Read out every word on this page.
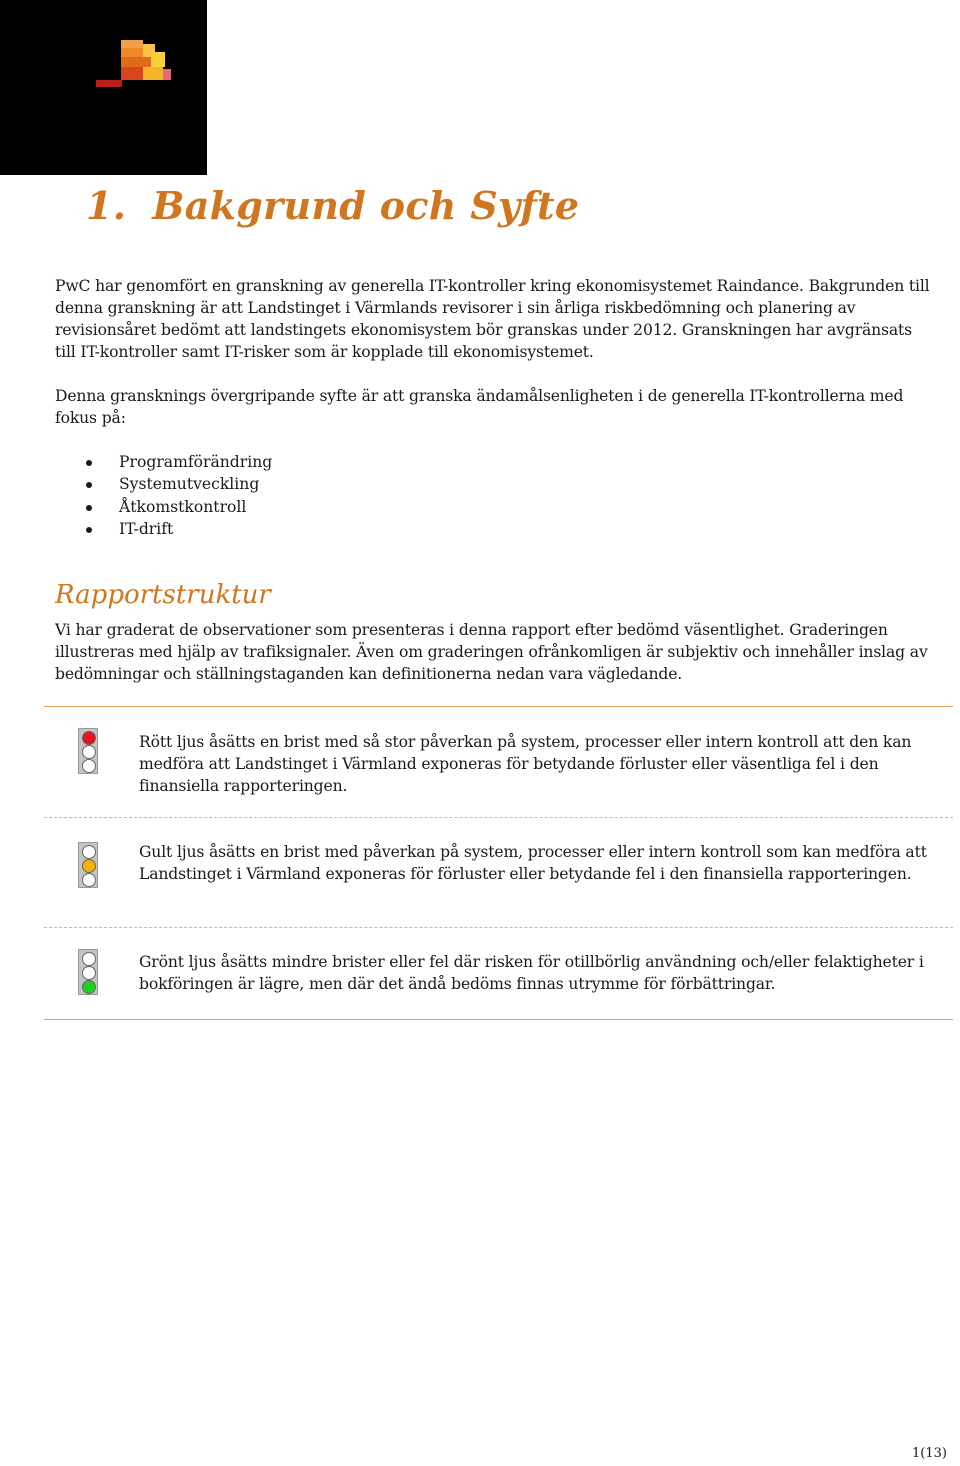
1. Bakgrund och Syfte

PwC har genomfört en granskning av generella IT-kontroller kring ekonomisystemet Raindance. Bakgrunden till denna granskning är att Landstinget i Värmlands revisorer i sin årliga riskbedömning och planering av revisionsåret bedömt att landstingets ekonomisystem bör granskas under 2012. Granskningen har avgränsats till IT-kontroller samt IT-risker som är kopplade till ekonomisystemet.

Denna gransknings övergripande syfte är att granska ändamålsenligheten i de generella IT-kontrollerna med fokus på:

Programförändring
Systemutveckling
Åtkomstkontroll
IT-drift
Rapportstruktur

Vi har graderat de observationer som presenteras i denna rapport efter bedömd väsentlighet. Graderingen illustreras med hjälp av trafiksignaler. Även om graderingen ofrånkomligen är subjektiv och innehåller inslag av bedömningar och ställningstaganden kan definitionerna nedan vara vägledande.

Rött ljus åsätts en brist med så stor påverkan på system, processer eller intern kontroll att den kan medföra att Landstinget i Värmland exponeras för betydande förluster eller väsentliga fel i den finansiella rapporteringen.

Gult ljus åsätts en brist med påverkan på system, processer eller intern kontroll som kan medföra att Landstinget i Värmland exponeras för förluster eller betydande fel i den finansiella rapporteringen.

Grönt ljus åsätts mindre brister eller fel där risken för otillbörlig användning och/eller felaktigheter i bokföringen är lägre, men där det ändå bedöms finnas utrymme för förbättringar.

1(13)
